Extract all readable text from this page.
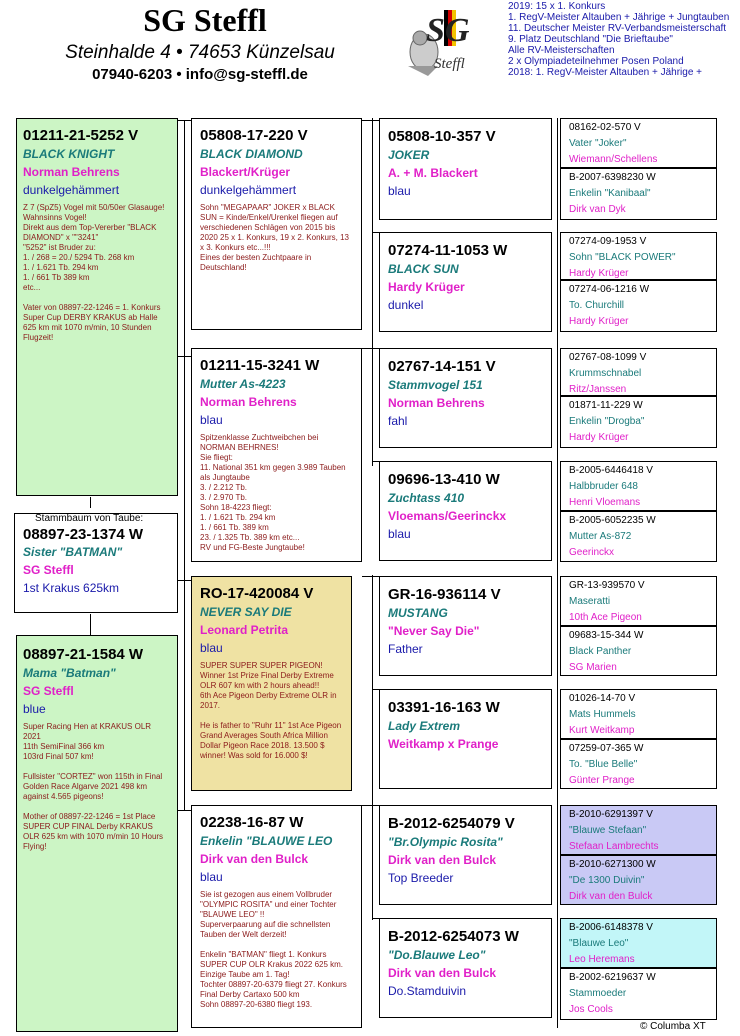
SG Steffl
Steinhalde 4 • 74653 Künzelsau
07940-6203 • info@sg-steffl.de
SG
Steffl
2019: 15 x 1. Konkurs
1. RegV-Meister Altauben + Jährige + Jungtauben
11. Deutscher Meister RV-Verbandsmeisterschaft
9. Platz Deutschland "Die Brieftaube"
Alle RV-Meisterschaften
2 x Olympiadeteilnehmer Posen Poland
2018: 1. RegV-Meister Altauben + Jährige +
01211-21-5252 V
BLACK KNIGHT
Norman Behrens
dunkelgehämmert
Z 7 (SpZ5) Vogel mit 50/50er Glasauge!
Wahnsinns Vogel!
Direkt aus dem Top-Vererber "BLACK DIAMOND" x ""3241"
"5252" ist Bruder zu:
1. / 268 = 20./ 5294 Tb. 268 km
1. / 1.621 Tb. 294 km
1. / 661 Tb 389 km
etc...

Vater von 08897-22-1246 = 1. Konkurs Super Cup DERBY KRAKUS ab Halle 625 km mit 1070 m/min, 10 Stunden Flugzeit!
Stammbaum von Taube:
08897-23-1374 W
Sister "BATMAN"
SG Steffl
1st Krakus 625km
08897-21-1584 W
Mama "Batman"
SG Steffl
blue
Super Racing Hen at KRAKUS OLR 2021
11th SemiFinal 366 km
103rd Final 507 km!

Fullsister "CORTEZ" won 115th in Final Golden Race Algarve 2021 498 km against 4.565 pigeons!

Mother of 08897-22-1246 = 1st Place SUPER CUP FINAL Derby KRAKUS OLR 625 km with 1070 m/min 10 Hours Flying!
05808-17-220 V
BLACK DIAMOND
Blackert/Krüger
dunkelgehämmert
Sohn "MEGAPAAR" JOKER x BLACK SUN = Kinde/Enkel/Urenkel fliegen auf verschiedenen Schlägen von 2015 bis 2020 25 x 1. Konkurs, 19 x 2. Konkurs, 13 x 3. Konkurs etc...!!!
Eines der besten Zuchtpaare in Deutschland!
01211-15-3241 W
Mutter As-4223
Norman Behrens
blau
Spitzenklasse Zuchtweibchen bei NORMAN BEHRNES!
Sie fliegt:
11. National 351 km gegen 3.989 Tauben als Jungtaube
3. / 2.212 Tb.
3. / 2.970 Tb.
Sohn 18-4223 fliegt:
1. / 1.621 Tb. 294 km
1. / 661 Tb. 389 km
23. / 1.325 Tb. 389 km etc...
RV und FG-Beste Jungtaube!
RO-17-420084 V
NEVER SAY DIE
Leonard Petrita
blau
SUPER SUPER SUPER PIGEON!
Winner 1st Prize Final Derby Extreme OLR 607 km with 2 hours ahead!!
6th Ace Pigeon Derby Extreme OLR in 2017.

He is father to "Ruhr 11" 1st Ace Pigeon Grand Averages South Africa Million Dollar Pigeon Race 2018. 13.500 $ winner! Was sold for 16.000 $!
02238-16-87 W
Enkelin "BLAUWE LEO
Dirk van den Bulck
blau
Sie ist gezogen aus einem Vollbruder "OLYMPIC ROSITA" und einer Tochter "BLAUWE LEO" !!
Superverpaarung auf die schnellsten Tauben der Welt derzeit!

Enkelin "BATMAN" fliegt 1. Konkurs SUPER CUP OLR Krakus 2022 625 km. Einzige Taube am 1. Tag!
Tochter 08897-20-6379 fliegt 27. Konkurs Final Derby Cartaxo 500 km
Sohn 08897-20-6380 fliegt 193.
05808-10-357 V
JOKER
A. + M. Blackert
blau
07274-11-1053 W
BLACK SUN
Hardy Krüger
dunkel
02767-14-151 V
Stammvogel 151
Norman Behrens
fahl
09696-13-410 W
Zuchtass 410
Vloemans/Geerinckx
blau
GR-16-936114 V
MUSTANG
"Never Say Die"
Father
03391-16-163 W
Lady Extrem
Weitkamp x Prange
B-2012-6254079 V
"Br.Olympic Rosita"
Dirk van den Bulck
Top Breeder
B-2012-6254073 W
"Do.Blauwe Leo"
Dirk van den Bulck
Do.Stamduivin
08162-02-570 V
Vater "Joker"
Wiemann/Schellens
B-2007-6398230 W
Enkelin "Kanibaal"
Dirk van Dyk
07274-09-1953 V
Sohn "BLACK POWER"
Hardy Krüger
07274-06-1216 W
To. Churchill
Hardy Krüger
02767-08-1099 V
Krummschnabel
Ritz/Janssen
01871-11-229 W
Enkelin "Drogba"
Hardy Krüger
B-2005-6446418 V
Halbbruder 648
Henri Vloemans
B-2005-6052235 W
Mutter As-872
Geerinckx
GR-13-939570 V
Maseratti
10th Ace Pigeon
09683-15-344 W
Black Panther
SG Marien
01026-14-70 V
Mats Hummels
Kurt Weitkamp
07259-07-365 W
To. "Blue Belle"
Günter Prange
B-2010-6291397 V
"Blauwe Stefaan"
Stefaan Lambrechts
B-2010-6271300 W
"De 1300 Duivin"
Dirk van den Bulck
B-2006-6148378 V
"Blauwe Leo"
Leo Heremans
B-2002-6219637 W
Stammoeder
Jos Cools
© Columba XT
